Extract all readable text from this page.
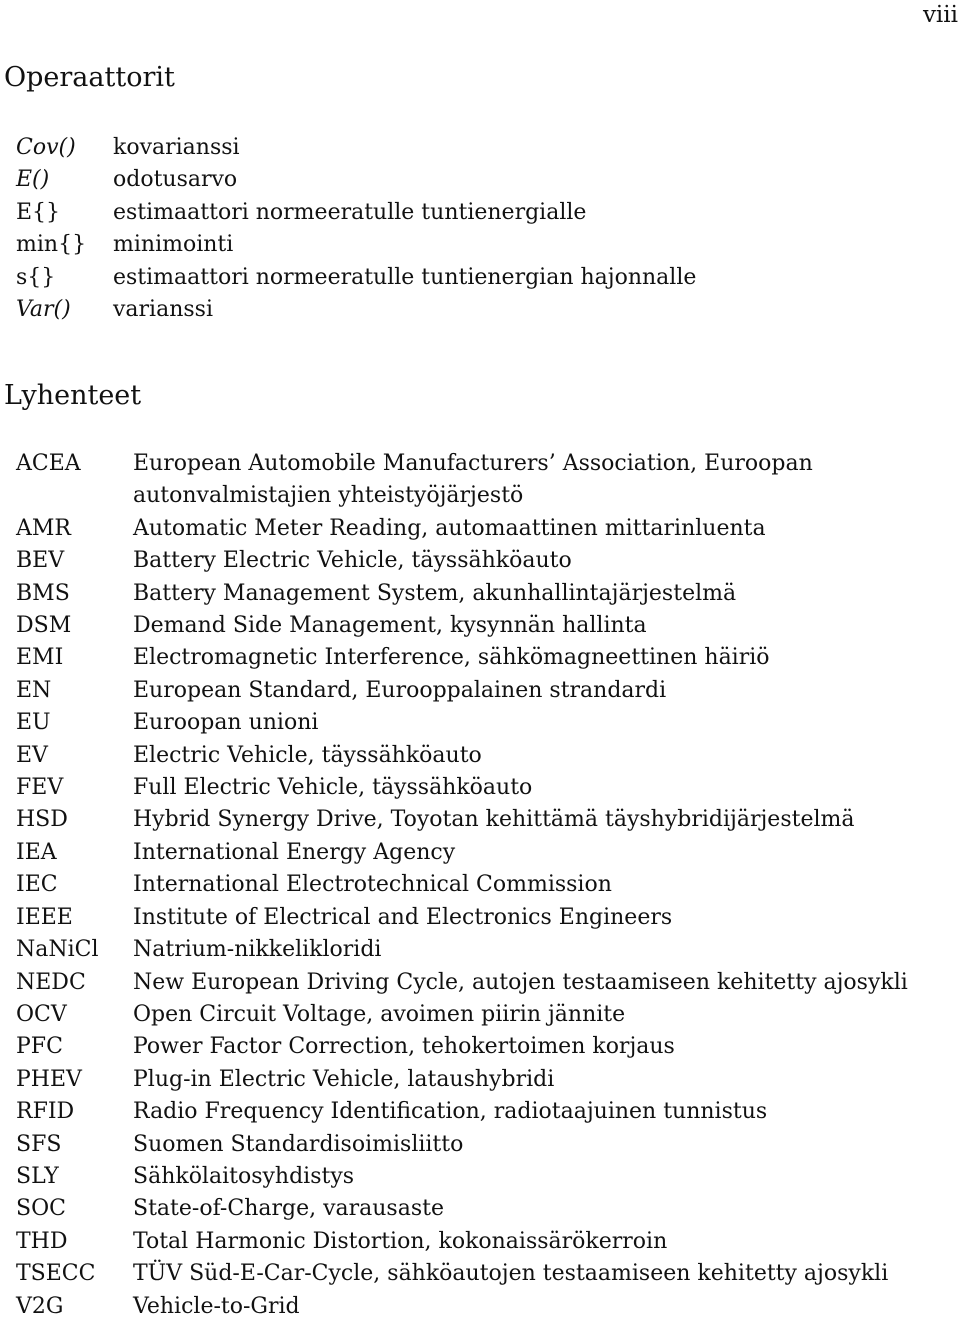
viii
Operaattorit
Cov()	kovarianssi
E()	odotusarvo
E{}	estimaattori normeeratulle tuntienergialle
min{}	minimointi
s{}	estimaattori normeeratulle tuntienergian hajonnalle
Var()	varianssi
Lyhenteet
ACEA	European Automobile Manufacturers’ Association, Euroopan autonvalmistajien yhteistyöjärjestö
AMR	Automatic Meter Reading, automaattinen mittarinluenta
BEV	Battery Electric Vehicle, täyssähköauto
BMS	Battery Management System, akunhallintajärjestelmä
DSM	Demand Side Management, kysynnän hallinta
EMI	Electromagnetic Interference, sähkömagneettinen häiriö
EN	European Standard, Eurooppalainen strandardi
EU	Euroopan unioni
EV	Electric Vehicle, täyssähköauto
FEV	Full Electric Vehicle, täyssähköauto
HSD	Hybrid Synergy Drive, Toyotan kehittämä täyshybridijärjestelmä
IEA	International Energy Agency
IEC	International Electrotechnical Commission
IEEE	Institute of Electrical and Electronics Engineers
NaNiCl	Natrium-nikkelikloridi
NEDC	New European Driving Cycle, autojen testaamiseen kehitetty ajosykli
OCV	Open Circuit Voltage, avoimen piirin jännite
PFC	Power Factor Correction, tehokertoimen korjaus
PHEV	Plug-in Electric Vehicle, lataushybridi
RFID	Radio Frequency Identification, radiotaajuinen tunnistus
SFS	Suomen Standardisoimisliitto
SLY	Sähkölaitosyhdistys
SOC	State-of-Charge, varausaste
THD	Total Harmonic Distortion, kokonaissärökerroin
TSECC	TÜV Süd-E-Car-Cycle, sähköautojen testaamiseen kehitetty ajosykli
V2G	Vehicle-to-Grid
